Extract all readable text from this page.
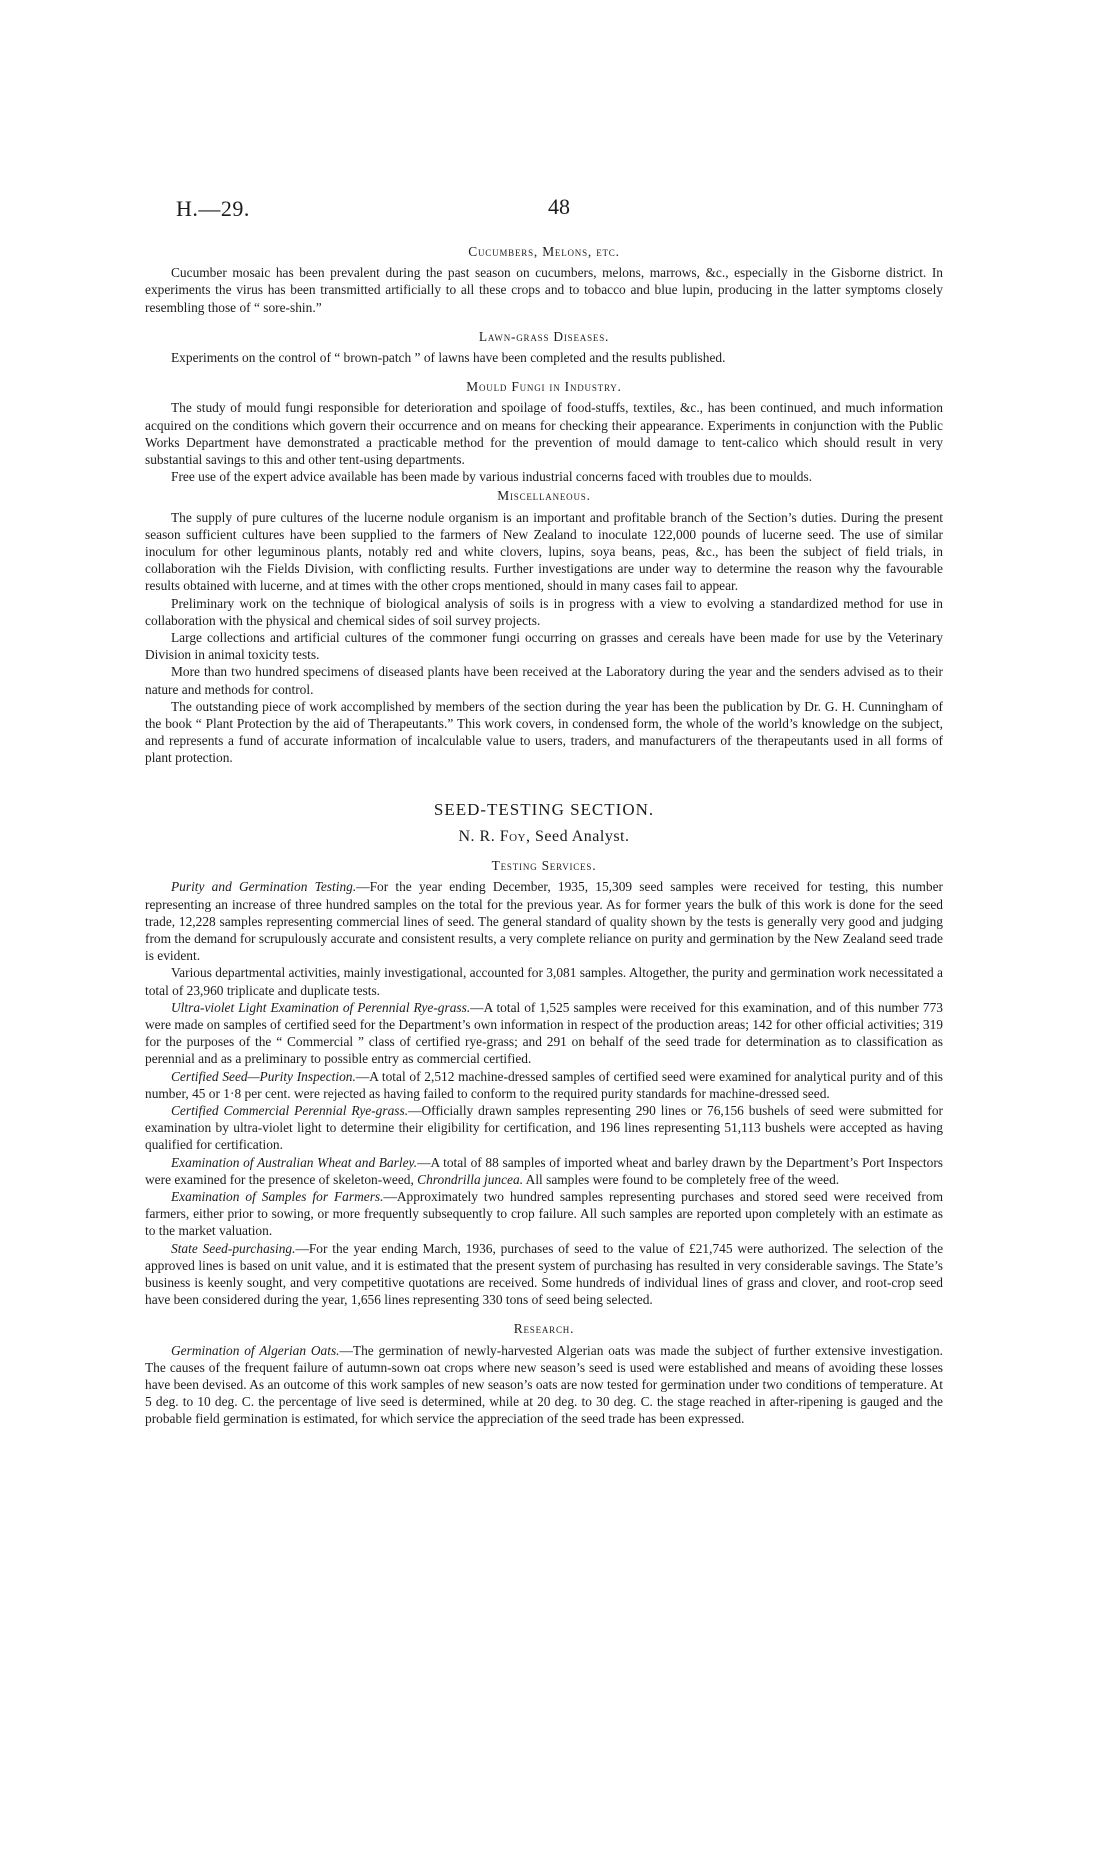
H.—29.	48
Cucumbers, Melons, etc.

Cucumber mosaic has been prevalent during the past season on cucumbers, melons, marrows, &c., especially in the Gisborne district. In experiments the virus has been transmitted artificially to all these crops and to tobacco and blue lupin, producing in the latter symptoms closely resembling those of “ sore-shin.”

Lawn-grass Diseases.

Experiments on the control of “ brown-patch ” of lawns have been completed and the results published.

Mould Fungi in Industry.

The study of mould fungi responsible for deterioration and spoilage of food-stuffs, textiles, &c., has been continued, and much information acquired on the conditions which govern their occurrence and on means for checking their appearance. Experiments in conjunction with the Public Works Department have demonstrated a practicable method for the prevention of mould damage to tent-calico which should result in very substantial savings to this and other tent-using departments.

Free use of the expert advice available has been made by various industrial concerns faced with troubles due to moulds.

Miscellaneous.

The supply of pure cultures of the lucerne nodule organism is an important and profitable branch of the Section’s duties. During the present season sufficient cultures have been supplied to the farmers of New Zealand to inoculate 122,000 pounds of lucerne seed. The use of similar inoculum for other leguminous plants, notably red and white clovers, lupins, soya beans, peas, &c., has been the subject of field trials, in collaboration wih the Fields Division, with conflicting results. Further investigations are under way to determine the reason why the favourable results obtained with lucerne, and at times with the other crops mentioned, should in many cases fail to appear.

Preliminary work on the technique of biological analysis of soils is in progress with a view to evolving a standardized method for use in collaboration with the physical and chemical sides of soil survey projects.

Large collections and artificial cultures of the commoner fungi occurring on grasses and cereals have been made for use by the Veterinary Division in animal toxicity tests.

More than two hundred specimens of diseased plants have been received at the Laboratory during the year and the senders advised as to their nature and methods for control.

The outstanding piece of work accomplished by members of the section during the year has been the publication by Dr. G. H. Cunningham of the book “ Plant Protection by the aid of Therapeutants.” This work covers, in condensed form, the whole of the world’s knowledge on the subject, and represents a fund of accurate information of incalculable value to users, traders, and manufacturers of the therapeutants used in all forms of plant protection.

SEED-TESTING SECTION.
N. R. Foy, Seed Analyst.
Testing Services.

Purity and Germination Testing.—For the year ending December, 1935, 15,309 seed samples were received for testing, this number representing an increase of three hundred samples on the total for the previous year. As for former years the bulk of this work is done for the seed trade, 12,228 samples representing commercial lines of seed. The general standard of quality shown by the tests is generally very good and judging from the demand for scrupulously accurate and consistent results, a very complete reliance on purity and germination by the New Zealand seed trade is evident.

Various departmental activities, mainly investigational, accounted for 3,081 samples. Altogether, the purity and germination work necessitated a total of 23,960 triplicate and duplicate tests.

Ultra-violet Light Examination of Perennial Rye-grass.—A total of 1,525 samples were received for this examination, and of this number 773 were made on samples of certified seed for the Department’s own information in respect of the production areas; 142 for other official activities; 319 for the purposes of the “ Commercial ” class of certified rye-grass; and 291 on behalf of the seed trade for determination as to classification as perennial and as a preliminary to possible entry as commercial certified.

Certified Seed—Purity Inspection.—A total of 2,512 machine-dressed samples of certified seed were examined for analytical purity and of this number, 45 or 1·8 per cent. were rejected as having failed to conform to the required purity standards for machine-dressed seed.

Certified Commercial Perennial Rye-grass.—Officially drawn samples representing 290 lines or 76,156 bushels of seed were submitted for examination by ultra-violet light to determine their eligibility for certification, and 196 lines representing 51,113 bushels were accepted as having qualified for certification.

Examination of Australian Wheat and Barley.—A total of 88 samples of imported wheat and barley drawn by the Department’s Port Inspectors were examined for the presence of skeleton-weed, Chrondrilla juncea. All samples were found to be completely free of the weed.

Examination of Samples for Farmers.—Approximately two hundred samples representing purchases and stored seed were received from farmers, either prior to sowing, or more frequently subsequently to crop failure. All such samples are reported upon completely with an estimate as to the market valuation.

State Seed-purchasing.—For the year ending March, 1936, purchases of seed to the value of £21,745 were authorized. The selection of the approved lines is based on unit value, and it is estimated that the present system of purchasing has resulted in very considerable savings. The State’s business is keenly sought, and very competitive quotations are received. Some hundreds of individual lines of grass and clover, and root-crop seed have been considered during the year, 1,656 lines representing 330 tons of seed being selected.

Research.

Germination of Algerian Oats.—The germination of newly-harvested Algerian oats was made the subject of further extensive investigation. The causes of the frequent failure of autumn-sown oat crops where new season’s seed is used were established and means of avoiding these losses have been devised. As an outcome of this work samples of new season’s oats are now tested for germination under two conditions of temperature. At 5 deg. to 10 deg. C. the percentage of live seed is determined, while at 20 deg. to 30 deg. C. the stage reached in after-ripening is gauged and the probable field germination is estimated, for which service the appreciation of the seed trade has been expressed.
